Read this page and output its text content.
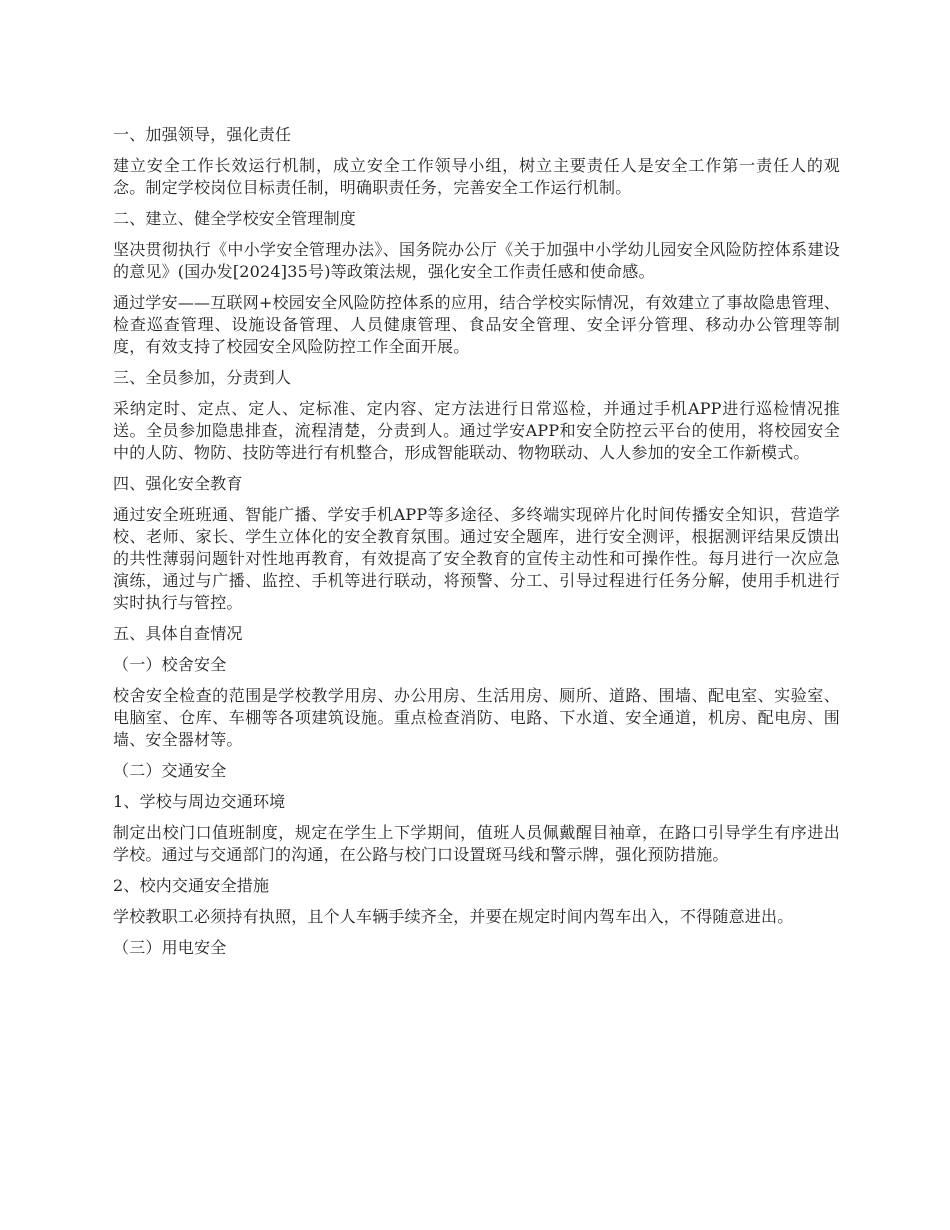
一、加强领导，强化责任

建立安全工作长效运行机制，成立安全工作领导小组，树立主要责任人是安全工作第一责任人的观念。制定学校岗位目标责任制，明确职责任务，完善安全工作运行机制。

二、建立、健全学校安全管理制度

坚决贯彻执行《中小学安全管理办法》、国务院办公厅《关于加强中小学幼儿园安全风险防控体系建设的意见》(国办发[2024]35号)等政策法规，强化安全工作责任感和使命感。

通过学安——互联网+校园安全风险防控体系的应用，结合学校实际情况，有效建立了事故隐患管理、检查巡查管理、设施设备管理、人员健康管理、食品安全管理、安全评分管理、移动办公管理等制度，有效支持了校园安全风险防控工作全面开展。

三、全员参加，分责到人

采纳定时、定点、定人、定标准、定内容、定方法进行日常巡检，并通过手机APP进行巡检情况推送。全员参加隐患排查，流程清楚，分责到人。通过学安APP和安全防控云平台的使用，将校园安全中的人防、物防、技防等进行有机整合，形成智能联动、物物联动、人人参加的安全工作新模式。

四、强化安全教育

通过安全班班通、智能广播、学安手机APP等多途径、多终端实现碎片化时间传播安全知识，营造学校、老师、家长、学生立体化的安全教育氛围。通过安全题库，进行安全测评，根据测评结果反馈出的共性薄弱问题针对性地再教育，有效提高了安全教育的宣传主动性和可操作性。每月进行一次应急演练，通过与广播、监控、手机等进行联动，将预警、分工、引导过程进行任务分解，使用手机进行实时执行与管控。

五、具体自查情况

（一）校舍安全

校舍安全检查的范围是学校教学用房、办公用房、生活用房、厕所、道路、围墙、配电室、实验室、电脑室、仓库、车棚等各项建筑设施。重点检查消防、电路、下水道、安全通道，机房、配电房、围墙、安全器材等。

（二）交通安全

1、学校与周边交通环境

制定出校门口值班制度，规定在学生上下学期间，值班人员佩戴醒目袖章，在路口引导学生有序进出学校。通过与交通部门的沟通，在公路与校门口设置斑马线和警示牌，强化预防措施。

2、校内交通安全措施

学校教职工必须持有执照，且个人车辆手续齐全，并要在规定时间内驾车出入，不得随意进出。

（三）用电安全
